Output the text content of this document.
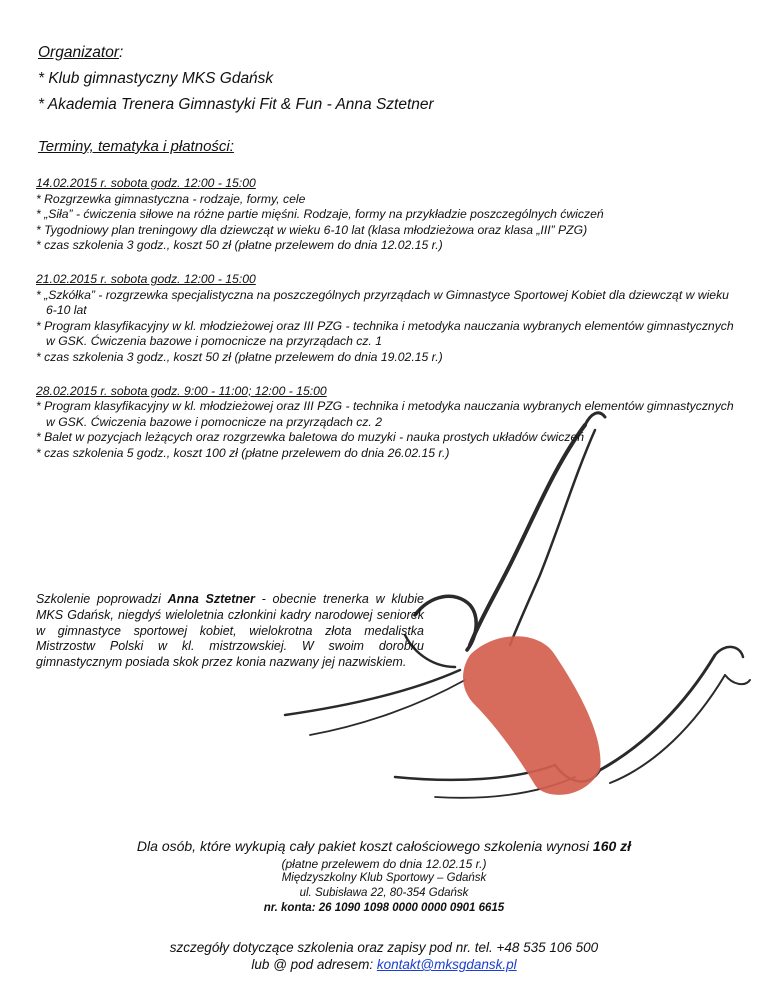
Organizator:
* Klub gimnastyczny MKS Gdańsk
* Akademia Trenera Gimnastyki Fit & Fun - Anna Sztetner
Terminy, tematyka i płatności:
14.02.2015 r. sobota godz. 12:00 - 15:00
* Rozgrzewka gimnastyczna - rodzaje, formy, cele
* „Siła” - ćwiczenia siłowe na różne partie mięśni. Rodzaje, formy na przykładzie poszczególnych ćwiczeń
* Tygodniowy plan treningowy dla dziewcząt w wieku 6-10 lat (klasa młodzieżowa oraz klasa „III” PZG)
* czas szkolenia 3 godz., koszt 50 zł (płatne przelewem do dnia 12.02.15 r.)
21.02.2015 r. sobota godz. 12:00 - 15:00
* „Szkółka” - rozgrzewka specjalistyczna na poszczególnych przyrządach w Gimnastyce Sportowej Kobiet dla dziewcząt w wieku 6-10 lat
* Program klasyfikacyjny w kl. młodzieżowej oraz III PZG - technika i metodyka nauczania wybranych elementów gimnastycznych w GSK. Ćwiczenia bazowe i pomocnicze na przyrządach cz. 1
* czas szkolenia 3 godz., koszt 50 zł (płatne przelewem do dnia 19.02.15 r.)
28.02.2015 r. sobota godz. 9:00 - 11:00; 12:00 - 15:00
* Program klasyfikacyjny w kl. młodzieżowej oraz III PZG - technika i metodyka nauczania wybranych elementów gimnastycznych w GSK. Ćwiczenia bazowe i pomocnicze na przyrządach cz. 2
* Balet w pozycjach leżących oraz rozgrzewka baletowa do muzyki - nauka prostych układów ćwiczeń
* czas szkolenia 5 godz., koszt 100 zł (płatne przelewem do dnia 26.02.15 r.)
Szkolenie poprowadzi Anna Sztetner - obecnie trenerka w klubie MKS Gdańsk, niegdyś wieloletnia członkini kadry narodowej seniorek w gimnastyce sportowej kobiet, wielokrotna złota medalistka Mistrzostw Polski w kl. mistrzowskiej. W swoim dorobku gimnastycznym posiada skok przez konia nazwany jej nazwiskiem.
Dla osób, które wykupią cały pakiet koszt całościowego szkolenia wynosi 160 zł
(płatne przelewem do dnia 12.02.15 r.)
Międzyszkolny Klub Sportowy – Gdańsk
ul. Subisława 22, 80-354 Gdańsk
nr. konta: 26 1090 1098 0000 0000 0901 6615
szczegóły dotyczące szkolenia oraz zapisy pod nr. tel. +48 535 106 500
lub @ pod adresem: kontakt@mksgdansk.pl
